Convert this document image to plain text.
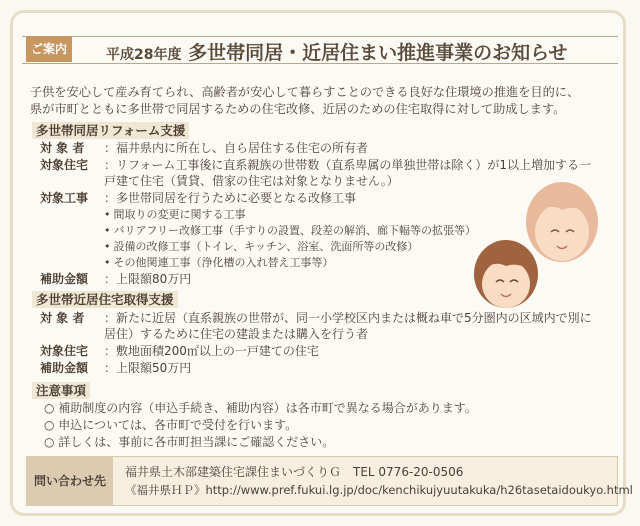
ご案内	平成28年度 多世帯同居・近居住まい推進事業のお知らせ
子供を安心して産み育てられ、高齢者が安心して暮らすことのできる良好な住環境の推進を目的に、
県が市町とともに多世帯で同居するための住宅改修、近居のための住宅取得に対して助成します。
多世帯同居リフォーム支援
対 象 者 ：福井県内に所在し、自ら居住する住宅の所有者
対象住宅 ：リフォーム工事後に直系親族の世帯数（直系卑属の単独世帯は除く）が1以上増加する一
戸建て住宅（賃貸、借家の住宅は対象となりません。）
対象工事 ：多世帯同居を行うために必要となる改修工事
• 間取りの変更に関する工事
• バリアフリー改修工事（手すりの設置、段差の解消、廊下幅等の拡張等）
• 設備の改修工事（トイレ、キッチン、浴室、洗面所等の改修）
• その他関連工事（浄化槽の入れ替え工事等）
補助金額 ：上限額80万円
多世帯近居住宅取得支援
対 象 者 ：新たに近居（直系親族の世帯が、同一小学校区内または概ね車で5分圏内の区域内で別に
居住）するために住宅の建設または購入を行う者
対象住宅 ：敷地面積200㎡以上の一戸建ての住宅
補助金額 ：上限額50万円
注意事項
○ 補助制度の内容（申込手続き、補助内容）は各市町で異なる場合があります。
○ 申込については、各市町で受付を行います。
○ 詳しくは、事前に各市町担当課にご確認ください。
問い合わせ先
福井県土木部建築住宅課住まいづくりＧ　TEL 0776-20-0506
《福井県ＨＰ》http://www.pref.fukui.lg.jp/doc/kenchikujyuutakuka/h26tasetaidoukyo.html
